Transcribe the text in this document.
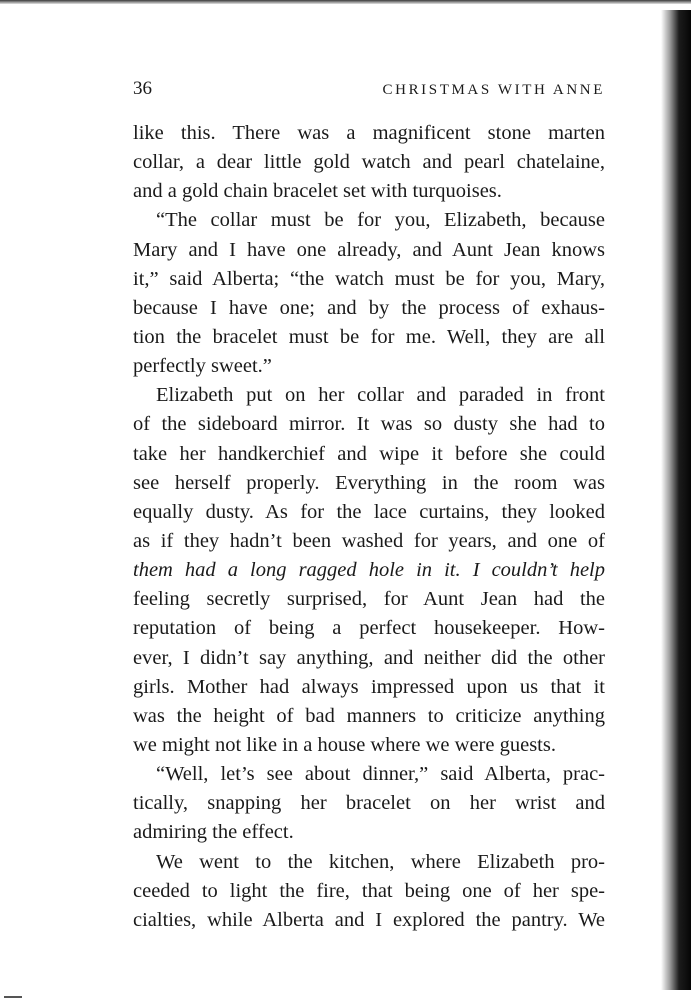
36	CHRISTMAS WITH ANNE
like this. There was a magnificent stone marten
collar, a dear little gold watch and pearl chatelaine,
and a gold chain bracelet set with turquoises.
“The collar must be for you, Elizabeth, because
Mary and I have one already, and Aunt Jean knows
it,” said Alberta; “the watch must be for you, Mary,
because I have one; and by the process of exhaus-
tion the bracelet must be for me. Well, they are all
perfectly sweet.”
Elizabeth put on her collar and paraded in front
of the sideboard mirror. It was so dusty she had to
take her handkerchief and wipe it before she could
see herself properly. Everything in the room was
equally dusty. As for the lace curtains, they looked
as if they hadn’t been washed for years, and one of
them had a long ragged hole in it. I couldn’t help
feeling secretly surprised, for Aunt Jean had the
reputation of being a perfect housekeeper. How-
ever, I didn’t say anything, and neither did the other
girls. Mother had always impressed upon us that it
was the height of bad manners to criticize anything
we might not like in a house where we were guests.
“Well, let’s see about dinner,” said Alberta, prac-
tically, snapping her bracelet on her wrist and
admiring the effect.
We went to the kitchen, where Elizabeth pro-
ceeded to light the fire, that being one of her spe-
cialties, while Alberta and I explored the pantry. We
